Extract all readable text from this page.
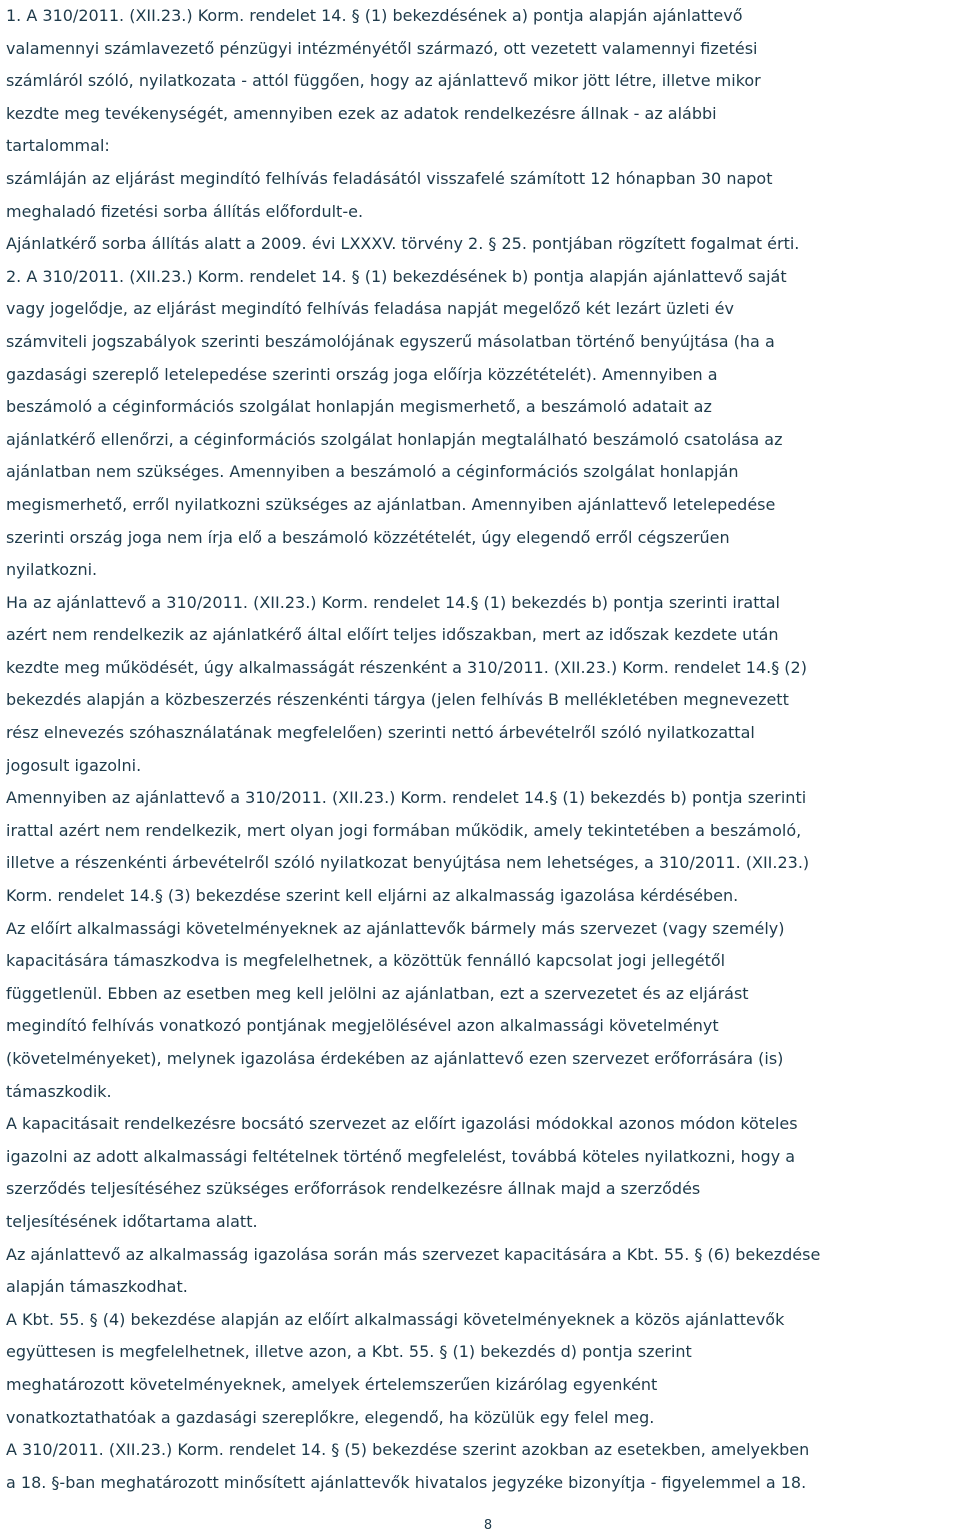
1. A 310/2011. (XII.23.) Korm. rendelet 14. § (1) bekezdésének a) pontja alapján ajánlattevő
valamennyi számlavezető pénzügyi intézményétől származó, ott vezetett valamennyi fizetési
számláról szóló, nyilatkozata - attól függően, hogy az ajánlattevő mikor jött létre, illetve mikor
kezdte meg tevékenységét, amennyiben ezek az adatok rendelkezésre állnak - az alábbi
tartalommal:
számláján az eljárást megindító felhívás feladásától visszafelé számított 12 hónapban 30 napot
meghaladó fizetési sorba állítás előfordult-e.
Ajánlatkérő sorba állítás alatt a 2009. évi LXXXV. törvény 2. § 25. pontjában rögzített fogalmat érti.
2. A 310/2011. (XII.23.) Korm. rendelet 14. § (1) bekezdésének b) pontja alapján ajánlattevő saját
vagy jogelődje, az eljárást megindító felhívás feladása napját megelőző két lezárt üzleti év
számviteli jogszabályok szerinti beszámolójának egyszerű másolatban történő benyújtása (ha a
gazdasági szereplő letelepedése szerinti ország joga előírja közzétételét). Amennyiben a
beszámoló a céginformációs szolgálat honlapján megismerhető, a beszámoló adatait az
ajánlatkérő ellenőrzi, a céginformációs szolgálat honlapján megtalálható beszámoló csatolása az
ajánlatban nem szükséges. Amennyiben a beszámoló a céginformációs szolgálat honlapján
megismerhető, erről nyilatkozni szükséges az ajánlatban. Amennyiben ajánlattevő letelepedése
szerinti ország joga nem írja elő a beszámoló közzétételét, úgy elegendő erről cégszerűen
nyilatkozni.
Ha az ajánlattevő a 310/2011. (XII.23.) Korm. rendelet 14.§ (1) bekezdés b) pontja szerinti irattal
azért nem rendelkezik az ajánlatkérő által előírt teljes időszakban, mert az időszak kezdete után
kezdte meg működését, úgy alkalmasságát részenként a 310/2011. (XII.23.) Korm. rendelet 14.§ (2)
bekezdés alapján a közbeszerzés részenkénti tárgya (jelen felhívás B mellékletében megnevezett
rész elnevezés szóhasználatának megfelelően) szerinti nettó árbevételről szóló nyilatkozattal
jogosult igazolni.
Amennyiben az ajánlattevő a 310/2011. (XII.23.) Korm. rendelet 14.§ (1) bekezdés b) pontja szerinti
irattal azért nem rendelkezik, mert olyan jogi formában működik, amely tekintetében a beszámoló,
illetve a részenkénti árbevételről szóló nyilatkozat benyújtása nem lehetséges, a 310/2011. (XII.23.)
Korm. rendelet 14.§ (3) bekezdése szerint kell eljárni az alkalmasság igazolása kérdésében.
Az előírt alkalmassági követelményeknek az ajánlattevők bármely más szervezet (vagy személy)
kapacitására támaszkodva is megfelelhetnek, a közöttük fennálló kapcsolat jogi jellegétől
függetlenül. Ebben az esetben meg kell jelölni az ajánlatban, ezt a szervezetet és az eljárást
megindító felhívás vonatkozó pontjának megjelölésével azon alkalmassági követelményt
(követelményeket), melynek igazolása érdekében az ajánlattevő ezen szervezet erőforrására (is)
támaszkodik.
A kapacitásait rendelkezésre bocsátó szervezet az előírt igazolási módokkal azonos módon köteles
igazolni az adott alkalmassági feltételnek történő megfelelést, továbbá köteles nyilatkozni, hogy a
szerződés teljesítéséhez szükséges erőforrások rendelkezésre állnak majd a szerződés
teljesítésének időtartama alatt.
Az ajánlattevő az alkalmasság igazolása során más szervezet kapacitására a Kbt. 55. § (6) bekezdése
alapján támaszkodhat.
A Kbt. 55. § (4) bekezdése alapján az előírt alkalmassági követelményeknek a közös ajánlattevők
együttesen is megfelelhetnek, illetve azon, a Kbt. 55. § (1) bekezdés d) pontja szerint
meghatározott követelményeknek, amelyek értelemszerűen kizárólag egyenként
vonatkoztathatóak a gazdasági szereplőkre, elegendő, ha közülük egy felel meg.
A 310/2011. (XII.23.) Korm. rendelet 14. § (5) bekezdése szerint azokban az esetekben, amelyekben
a 18. §-ban meghatározott minősített ajánlattevők hivatalos jegyzéke bizonyítja - figyelemmel a 18.
8
